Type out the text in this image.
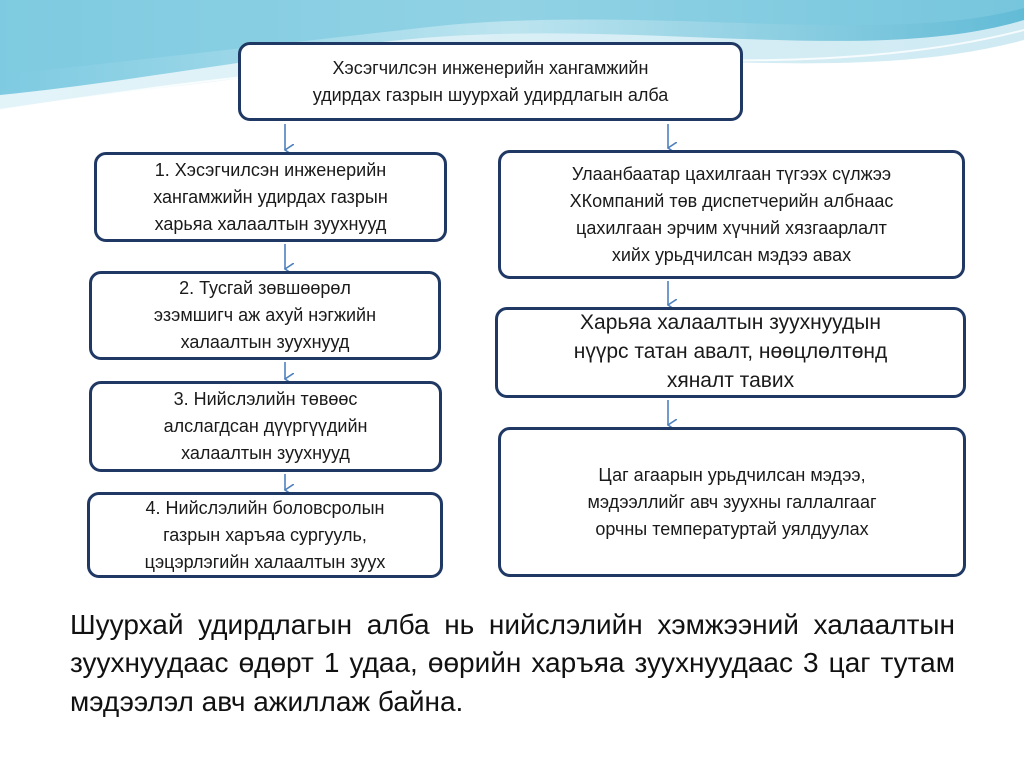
Хэсэгчилсэн инженерийн хангамжийн
удирдах газрын шуурхай удирдлагын алба
1. Хэсэгчилсэн инженерийн
хангамжийн удирдах газрын
харьяа халаалтын зуухнууд
2. Тусгай зөвшөөрөл
эзэмшигч аж ахуй нэгжийн
халаалтын зуухнууд
3. Нийслэлийн төвөөс
алслагдсан дүүргүүдийн
халаалтын зуухнууд
4. Нийслэлийн боловсролын
газрын харъяа сургууль,
цэцэрлэгийн халаалтын зуух
Улаанбаатар цахилгаан түгээх сүлжээ
ХКомпаний төв диспетчерийн албнаас
цахилгаан эрчим хүчний хязгаарлалт
хийх урьдчилсан мэдээ авах
Харьяа халаалтын зуухнуудын
нүүрс татан авалт, нөөцлөлтөнд
хяналт тавих
Цаг агаарын урьдчилсан мэдээ,
мэдээллийг авч зуухны галлалгааг
орчны температуртай уялдуулах
Шуурхай удирдлагын алба нь нийслэлийн хэмжээний халаалтын зуухнуудаас өдөрт 1 удаа, өөрийн харъяа зуухнуудаас 3 цаг тутам мэдээлэл авч ажиллаж байна.
